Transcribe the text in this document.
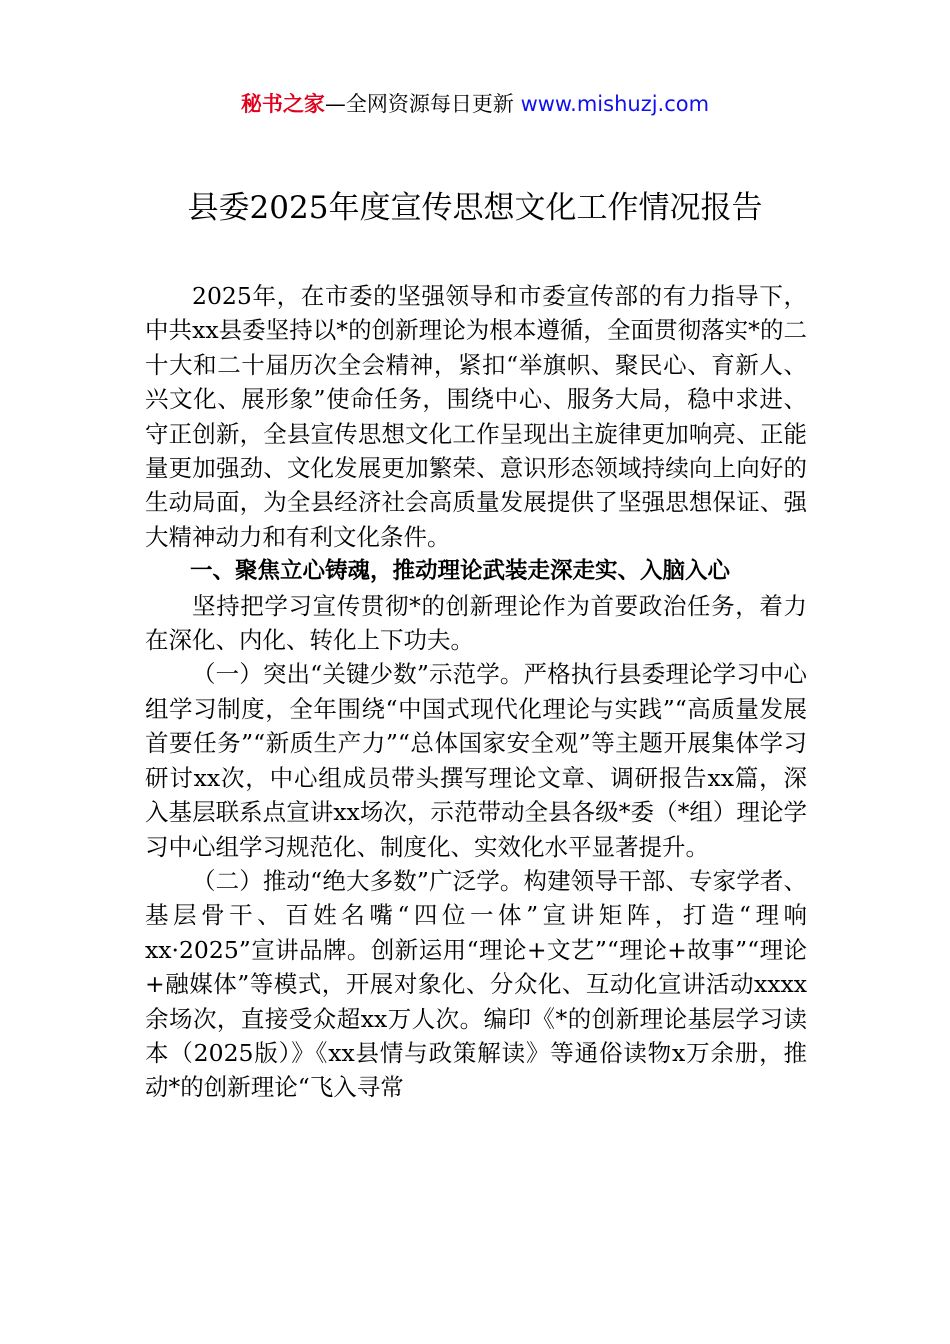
秘书之家—全网资源每日更新 www.mishuzj.com
县委2025年度宣传思想文化工作情况报告

2025年，在市委的坚强领导和市委宣传部的有力指导下，中共xx县委坚持以*的创新理论为根本遵循，全面贯彻落实*的二十大和二十届历次全会精神，紧扣“举旗帜、聚民心、育新人、兴文化、展形象”使命任务，围绕中心、服务大局，稳中求进、守正创新，全县宣传思想文化工作呈现出主旋律更加响亮、正能量更加强劲、文化发展更加繁荣、意识形态领域持续向上向好的生动局面，为全县经济社会高质量发展提供了坚强思想保证、强大精神动力和有利文化条件。

一、聚焦立心铸魂，推动理论武装走深走实、入脑入心

坚持把学习宣传贯彻*的创新理论作为首要政治任务，着力在深化、内化、转化上下功夫。

（一）突出“关键少数”示范学。严格执行县委理论学习中心组学习制度，全年围绕“中国式现代化理论与实践”“高质量发展首要任务”“新质生产力”“总体国家安全观”等主题开展集体学习研讨xx次，中心组成员带头撰写理论文章、调研报告xx篇，深入基层联系点宣讲xx场次，示范带动全县各级*委（*组）理论学习中心组学习规范化、制度化、实效化水平显著提升。

（二）推动“绝大多数”广泛学。构建领导干部、专家学者、基层骨干、百姓名嘴“四位一体”宣讲矩阵，打造“理响xx·2025”宣讲品牌。创新运用“理论+文艺”“理论+故事”“理论+融媒体”等模式，开展对象化、分众化、互动化宣讲活动xxxx余场次，直接受众超xx万人次。编印《*的创新理论基层学习读本（2025版）》《xx县情与政策解读》等通俗读物x万余册，推动*的创新理论“飞入寻常
